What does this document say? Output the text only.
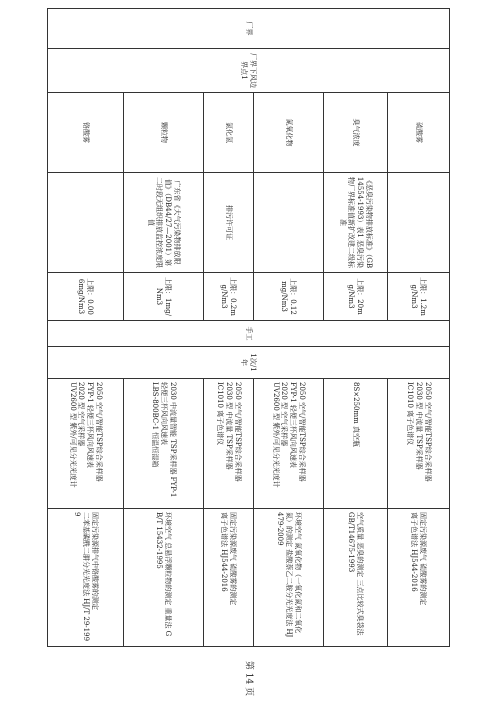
厂界	厂界下风边界点1	硫酸雾		上限：1.2mg/Nm3	手工	1次/1年	2050 空气/智能TSP综合采样器
2030 型 中流量 TSP采样器
IC1010 离子色谱仪	固定污染源废气 硫酸雾的测定
离子色谱法 HJ544-2016
		臭气浓度	《恶臭污染物排放标准》（GB 14554-1993）表1 恶臭污染物厂界标准值新扩改建二级标准	上限：20mg/Nm3			8S×250mm 真空瓶	空气质量 恶臭的测定 三点比较式臭袋法 GB/T14675-1993
		氮氧化物		上限：0.12mg/Nm3			2050 空气/智能TSP综合采样器
FYP-1 轻便三杯风向风速表
2020 型 空气采样器
UV2600 型 紫外/可见分光光度计	环境空气 氮氧化物（一氧化氮和二氧化氮）的测定 盐酸萘乙二胺分光光度法 HJ 479-2009
		氯化氢	排污许可证	上限：0.2mg/Nm3			2050 空气/智能TSP综合采样器
2030 型 中流量 TSP采样器
IC1010 离子色谱仪	固定污染源废气 硫酸雾的测定
离子色谱法 HJ544-2016
		颗粒物	广东省《大气污染物排放限值》（DB44/27—2001）第二时段无组织排放监控浓度限值	上限：1mg/Nm3			2030 中流量智能 TSP采样器 FYP-1 轻便三杯风向风速表
LBS-800BC-1 恒温恒湿箱	环境空气 总悬浮颗粒物的测定 重量法 GB/T 15432-1995
		铬酸雾		上限：0.006mg/Nm3			2050 空气/智能TSP综合采样器
FYP-1 轻便三杯风向风速表
2020 型 空气采样器
UV2600 型 紫外/可见分光光度计	固定污染源排气中铬酸雾的测定
二苯基碳酰二肼分光光度法 HJ/T 29-1999
第 14 页
